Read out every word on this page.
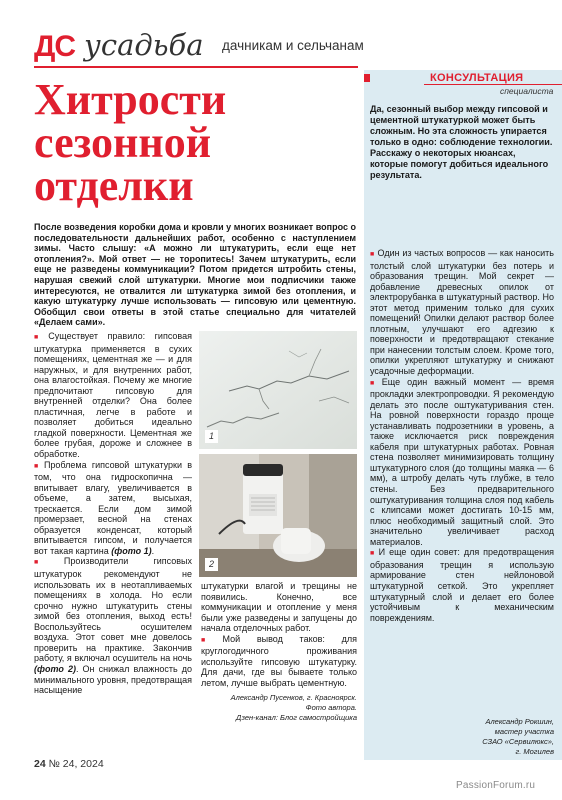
ДС усадьба дачникам и сельчанам
КОНСУЛЬТАЦИЯ
специалиста
Да, сезонный выбор между гипсовой и цементной штукатуркой может быть сложным. Но эта сложность упирается только в одно: соблюдение технологии. Расскажу о некоторых нюансах, которые помогут добиться идеального результата.

■ Один из частых вопросов — как наносить толстый слой штукатурки без потерь и образования трещин. Мой секрет — добавление древесных опилок от электрорубанка в штукатурный раствор. Но этот метод применим только для сухих помещений! Опилки делают раствор более плотным, улучшают его адгезию к поверхности и предотвращают стекание при нанесении толстым слоем. Кроме того, опилки укрепляют штукатурку и снижают усадочные деформации.

■ Еще один важный момент — время прокладки электропроводки. Я рекомендую делать это после оштукатуривания стен. На ровной поверхности гораздо проще устанавливать подрозетники в уровень, а также исключается риск повреждения кабеля при штукатурных работах. Ровная стена позволяет минимизировать толщину штукатурного слоя (до толщины маяка — 6 мм), а штробу делать чуть глубже, в тело стены. Без предварительного оштукатуривания толщина слоя под кабель с клипсами может достигать 10-15 мм, плюс необходимый защитный слой. Это значительно увеличивает расход материалов.

■ И еще один совет: для предотвращения образования трещин я использую армирование стен нейлоновой штукатурной сеткой. Это укрепляет штукатурный слой и делает его более устойчивым к механическим повреждениям.

Александр Рокшин,
мастер участка
СЗАО «Сервилюкс»,
г. Могилев
Хитрости
сезонной
отделки
После возведения коробки дома и кровли у многих возникает вопрос о последовательности дальнейших работ, особенно с наступлением зимы. Часто слышу: «А можно ли штукатурить, если еще нет отопления?». Мой ответ — не торопитесь! Зачем штукатурить, если еще не разведены коммуникации? Потом придется штробить стены, нарушая свежий слой штукатурки. Многие мои подписчики также интересуются, не отвалится ли штукатурка зимой без отопления, и какую штукатурку лучше использовать — гипсовую или цементную. Обобщил свои ответы в этой статье специально для читателей «Делаем сами».

■ Существует правило: гипсовая штукатурка применяется в сухих помещениях, цементная же — и для наружных, и для внутренних работ, она влагостойкая. Почему же многие предпочитают гипсовую для внутренней отделки? Она более пластичная, легче в работе и позволяет добиться идеально гладкой поверхности. Цементная же более грубая, дороже и сложнее в обработке.

■ Проблема гипсовой штукатурки в том, что она гидроскопична — впитывает влагу, увеличивается в объеме, а затем, высыхая, трескается. Если дом зимой промерзает, весной на стенах образуется конденсат, который впитывается гипсом, и получается вот такая картина (фото 1).

■ Производители гипсовых штукатурок рекомендуют не использовать их в неотапливаемых помещениях в холода. Но если срочно нужно штукатурить стены зимой без отопления, выход есть! Воспользуйтесь осушителем воздуха. Этот совет мне довелось проверить на практике. Закончив работу, я включал осушитель на ночь (фото 2). Он снижал влажность до минимального уровня, предотвращая насыщение

1
2

штукатурки влагой и трещины не появились. Конечно, все коммуникации и отопление у меня были уже разведены и запущены до начала отделочных работ.

■ Мой вывод таков: для круглогодичного проживания используйте гипсовую штукатурку. Для дачи, где вы бываете только летом, лучше выбрать цементную.

Александр Пусенков, г. Красноярск.
Фото автора.
Дзен-канал: Блог самостройщика
24 № 24, 2024
PassionForum.ru
